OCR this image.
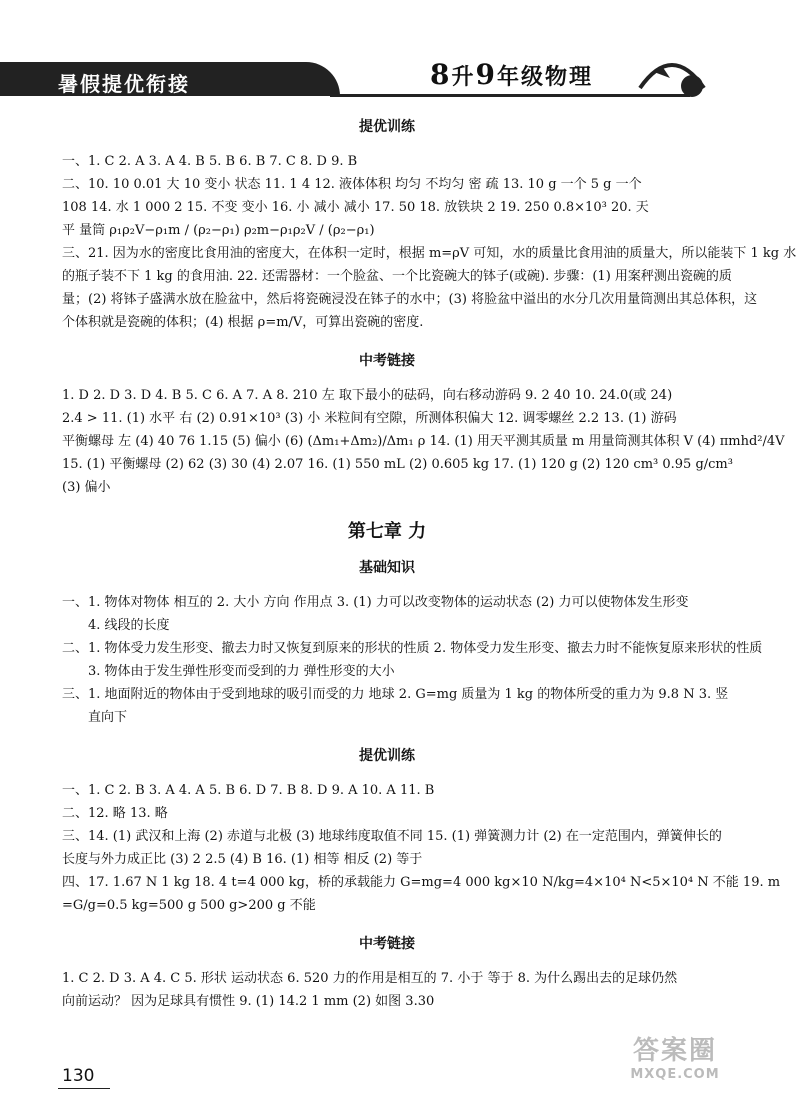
暑假提优衔接	8升9年级物理
提优训练
一、1. C 2. A 3. A 4. B 5. B 6. B 7. C 8. D 9. B
二、10. 10 0.01 大 10 变小 状态 11. 1 4 12. 液体体积 均匀 不均匀 密 疏 13. 10 g 一个 5 g 一个
108 14. 水 1 000 2 15. 不变 变小 16. 小 减小 减小 17. 50 18. 放铁块 2 19. 250 0.8×10³ 20. 天
平 量筒 ρ₁ρ₂V−ρ₁m / (ρ₂−ρ₁) ρ₂m−ρ₁ρ₂V / (ρ₂−ρ₁)
三、21. 因为水的密度比食用油的密度大，在体积一定时，根据 m=ρV 可知，水的质量比食用油的质量大，所以能装下 1 kg 水
的瓶子装不下 1 kg 的食用油. 22. 还需器材：一个脸盆、一个比瓷碗大的钵子(或碗). 步骤：(1) 用案秤测出瓷碗的质
量；(2) 将钵子盛满水放在脸盆中，然后将瓷碗浸没在钵子的水中；(3) 将脸盆中溢出的水分几次用量筒测出其总体积，这
个体积就是瓷碗的体积；(4) 根据 ρ=m/V，可算出瓷碗的密度.
中考链接
1. D 2. D 3. D 4. B 5. C 6. A 7. A 8. 210 左 取下最小的砝码，向右移动游码 9. 2 40 10. 24.0(或 24)
2.4 > 11. (1) 水平 右 (2) 0.91×10³ (3) 小 米粒间有空隙，所测体积偏大 12. 调零螺丝 2.2 13. (1) 游码
平衡螺母 左 (4) 40 76 1.15 (5) 偏小 (6) (Δm₁+Δm₂)/Δm₁ ρ 14. (1) 用天平测其质量 m 用量筒测其体积 V (4) πmhd²/4V
15. (1) 平衡螺母 (2) 62 (3) 30 (4) 2.07 16. (1) 550 mL (2) 0.605 kg 17. (1) 120 g (2) 120 cm³ 0.95 g/cm³
(3) 偏小
第七章 力
基础知识
一、1. 物体对物体 相互的 2. 大小 方向 作用点 3. (1) 力可以改变物体的运动状态 (2) 力可以使物体发生形变
4. 线段的长度
二、1. 物体受力发生形变、撤去力时又恢复到原来的形状的性质 2. 物体受力发生形变、撤去力时不能恢复原来形状的性质
3. 物体由于发生弹性形变而受到的力 弹性形变的大小
三、1. 地面附近的物体由于受到地球的吸引而受的力 地球 2. G=mg 质量为 1 kg 的物体所受的重力为 9.8 N 3. 竖
直向下
提优训练
一、1. C 2. B 3. A 4. A 5. B 6. D 7. B 8. D 9. A 10. A 11. B
二、12. 略 13. 略
三、14. (1) 武汉和上海 (2) 赤道与北极 (3) 地球纬度取值不同 15. (1) 弹簧测力计 (2) 在一定范围内，弹簧伸长的
长度与外力成正比 (3) 2 2.5 (4) B 16. (1) 相等 相反 (2) 等于
四、17. 1.67 N 1 kg 18. 4 t=4 000 kg，桥的承载能力 G=mg=4 000 kg×10 N/kg=4×10⁴ N<5×10⁴ N 不能 19. m
=G/g=0.5 kg=500 g 500 g>200 g 不能
中考链接
1. C 2. D 3. A 4. C 5. 形状 运动状态 6. 520 力的作用是相互的 7. 小于 等于 8. 为什么踢出去的足球仍然
向前运动？ 因为足球具有惯性 9. (1) 14.2 1 mm (2) 如图 3.30
130
答案圈
MXQE.COM
